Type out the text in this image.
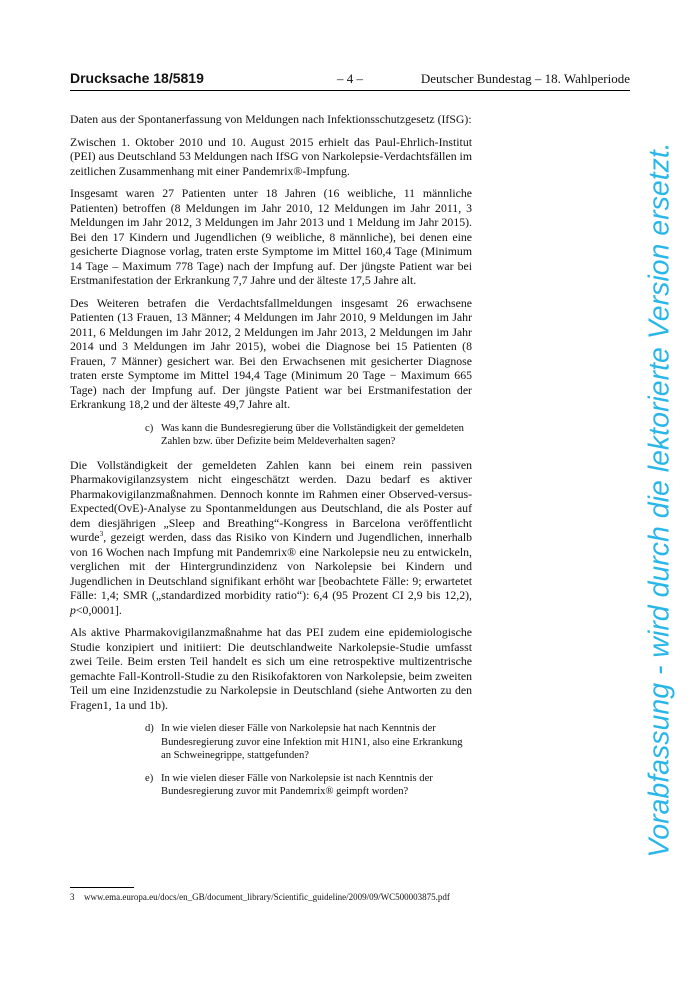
Drucksache 18/5819	– 4 –	Deutscher Bundestag – 18. Wahlperiode

Daten aus der Spontanerfassung von Meldungen nach Infektionsschutzgesetz (IfSG):

Zwischen 1. Oktober 2010 und 10. August 2015 erhielt das Paul-Ehrlich-Institut (PEI) aus Deutschland 53 Meldungen nach IfSG von Narkolepsie-Verdachtsfällen im zeitlichen Zusammenhang mit einer Pandemrix®-Impfung.

Insgesamt waren 27 Patienten unter 18 Jahren (16 weibliche, 11 männliche Patienten) betroffen (8 Meldungen im Jahr 2010, 12 Meldungen im Jahr 2011, 3 Meldungen im Jahr 2012, 3 Meldungen im Jahr 2013 und 1 Meldung im Jahr 2015). Bei den 17 Kindern und Jugendlichen (9 weibliche, 8 männliche), bei denen eine gesicherte Diagnose vorlag, traten erste Symptome im Mittel 160,4 Tage (Minimum 14 Tage – Maximum 778 Tage) nach der Impfung auf. Der jüngste Patient war bei Erstmanifestation der Erkrankung 7,7 Jahre und der älteste 17,5 Jahre alt.

Des Weiteren betrafen die Verdachtsfallmeldungen insgesamt 26 erwachsene Patienten (13 Frauen, 13 Männer; 4 Meldungen im Jahr 2010, 9 Meldungen im Jahr 2011, 6 Meldungen im Jahr 2012, 2 Meldungen im Jahr 2013, 2 Meldungen im Jahr 2014 und 3 Meldungen im Jahr 2015), wobei die Diagnose bei 15 Patienten (8 Frauen, 7 Männer) gesichert war. Bei den Erwachsenen mit gesicherter Diagnose traten erste Symptome im Mittel 194,4 Tage (Minimum 20 Tage − Maximum 665 Tage) nach der Impfung auf. Der jüngste Patient war bei Erstmanifestation der Erkrankung 18,2 und der älteste 49,7 Jahre alt.

c) Was kann die Bundesregierung über die Vollständigkeit der gemeldeten Zahlen bzw. über Defizite beim Meldeverhalten sagen?

Die Vollständigkeit der gemeldeten Zahlen kann bei einem rein passiven Pharmakovigilanzsystem nicht eingeschätzt werden. Dazu bedarf es aktiver Pharmakovigilanzmaßnahmen. Dennoch konnte im Rahmen einer Observed-versus-Expected(OvE)-Analyse zu Spontanmeldungen aus Deutschland, die als Poster auf dem diesjährigen „Sleep and Breathing“-Kongress in Barcelona veröffentlicht wurde$^3$, gezeigt werden, dass das Risiko von Kindern und Jugendlichen, innerhalb von 16 Wochen nach Impfung mit Pandemrix® eine Narkolepsie neu zu entwickeln, verglichen mit der Hintergrundinzidenz von Narkolepsie bei Kindern und Jugendlichen in Deutschland signifikant erhöht war [beobachtete Fälle: 9; erwartetet Fälle: 1,4; SMR („standardized morbidity ratio“): 6,4 (95 Prozent CI 2,9 bis 12,2), p<0,0001].

Als aktive Pharmakovigilanzmaßnahme hat das PEI zudem eine epidemiologische Studie konzipiert und initiiert: Die deutschlandweite Narkolepsie-Studie umfasst zwei Teile. Beim ersten Teil handelt es sich um eine retrospektive multizentrische gemachte Fall-Kontroll-Studie zu den Risikofaktoren von Narkolepsie, beim zweiten Teil um eine Inzidenzstudie zu Narkolepsie in Deutschland (siehe Antworten zu den Fragen1, 1a und 1b).

d) In wie vielen dieser Fälle von Narkolepsie hat nach Kenntnis der Bundesregierung zuvor eine Infektion mit H1N1, also eine Erkrankung an Schweinegrippe, stattgefunden?
e) In wie vielen dieser Fälle von Narkolepsie ist nach Kenntnis der Bundesregierung zuvor mit Pandemrix® geimpft worden?
3 www.ema.europa.eu/docs/en_GB/document_library/Scientific_guideline/2009/09/WC500003875.pdf
Vorabfassung - wird durch die lektorierte Version ersetzt.
